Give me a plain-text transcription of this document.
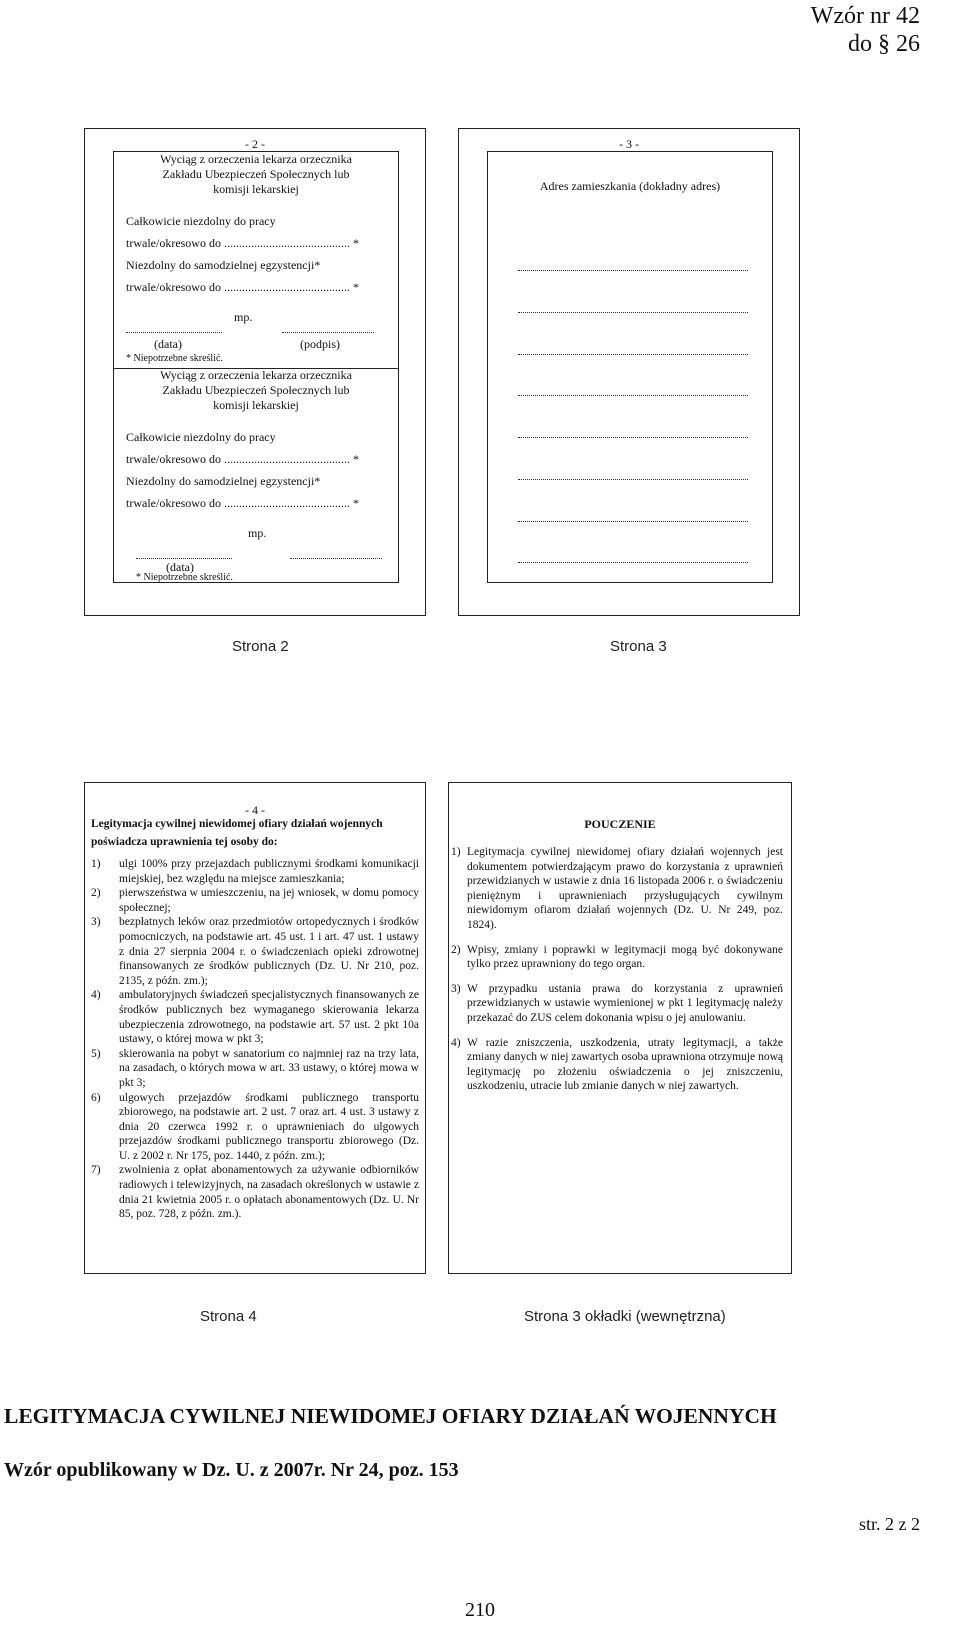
Wzór nr 42
do § 26
- 2 -
Wyciąg z orzeczenia lekarza orzecznika
Zakładu Ubezpieczeń Społecznych lub
komisji lekarskiej
Całkowicie niezdolny do pracy
trwale/okresowo do .......................................... *
Niezdolny do samodzielnej egzystencji*
trwale/okresowo do .......................................... *
mp.
(data)	(podpis)
* Niepotrzebne skreślić.
Wyciąg z orzeczenia lekarza orzecznika
Zakładu Ubezpieczeń Społecznych lub
komisji lekarskiej
Całkowicie niezdolny do pracy
trwale/okresowo do .......................................... *
Niezdolny do samodzielnej egzystencji*
trwale/okresowo do .......................................... *
mp.
(data)
* Niepotrzebne skreślić.
- 3 -
Adres zamieszkania (dokładny adres)
Strona 2	Strona 3
- 4 -
Legitymacja cywilnej niewidomej ofiary działań wojennych
poświadcza uprawnienia tej osoby do:
1)	ulgi 100% przy przejazdach publicznymi środkami komunikacji miejskiej, bez względu na miejsce zamieszkania;
2)	pierwszeństwa w umieszczeniu, na jej wniosek, w domu pomocy społecznej;
3)	bezpłatnych leków oraz przedmiotów ortopedycznych i środków pomocniczych, na podstawie art. 45 ust. 1 i art. 47 ust. 1 ustawy z dnia 27 sierpnia 2004 r. o świadczeniach opieki zdrowotnej finansowanych ze środków publicznych (Dz. U. Nr 210, poz. 2135, z późn. zm.);
4)	ambulatoryjnych świadczeń specjalistycznych finansowanych ze środków publicznych bez wymaganego skierowania lekarza ubezpieczenia zdrowotnego, na podstawie art. 57 ust. 2 pkt 10a ustawy, o której mowa w pkt 3;
5)	skierowania na pobyt w sanatorium co najmniej raz na trzy lata, na zasadach, o których mowa w art. 33 ustawy, o której mowa w pkt 3;
6)	ulgowych przejazdów środkami publicznego transportu zbiorowego, na podstawie art. 2 ust. 7 oraz art. 4 ust. 3 ustawy z dnia 20 czerwca 1992 r. o uprawnieniach do ulgowych przejazdów środkami publicznego transportu zbiorowego (Dz. U. z 2002 r. Nr 175, poz. 1440, z późn. zm.);
7)	zwolnienia z opłat abonamentowych za używanie odbiorników radiowych i telewizyjnych, na zasadach określonych w ustawie z dnia 21 kwietnia 2005 r. o opłatach abonamentowych (Dz. U. Nr 85, poz. 728, z późn. zm.).
POUCZENIE
1) Legitymacja cywilnej niewidomej ofiary działań wojennych jest dokumentem potwierdzającym prawo do korzystania z uprawnień przewidzianych w ustawie z dnia 16 listopada 2006 r. o świadczeniu pieniężnym i uprawnieniach przysługujących cywilnym niewidomym ofiarom działań wojennych (Dz. U. Nr 249, poz. 1824).
2) Wpisy, zmiany i poprawki w legitymacji mogą być dokonywane tylko przez uprawniony do tego organ.
3) W przypadku ustania prawa do korzystania z uprawnień przewidzianych w ustawie wymienionej w pkt 1 legitymację należy przekazać do ZUS celem dokonania wpisu o jej anulowaniu.
4) W razie zniszczenia, uszkodzenia, utraty legitymacji, a także zmiany danych w niej zawartych osoba uprawniona otrzymuje nową legitymację po złożeniu oświadczenia o jej zniszczeniu, uszkodzeniu, utracie lub zmianie danych w niej zawartych.
Strona 4	Strona 3 okładki (wewnętrzna)
LEGITYMACJA CYWILNEJ NIEWIDOMEJ OFIARY DZIAŁAŃ WOJENNYCH
Wzór opublikowany w Dz. U. z 2007r. Nr 24, poz. 153
str. 2 z 2
210
